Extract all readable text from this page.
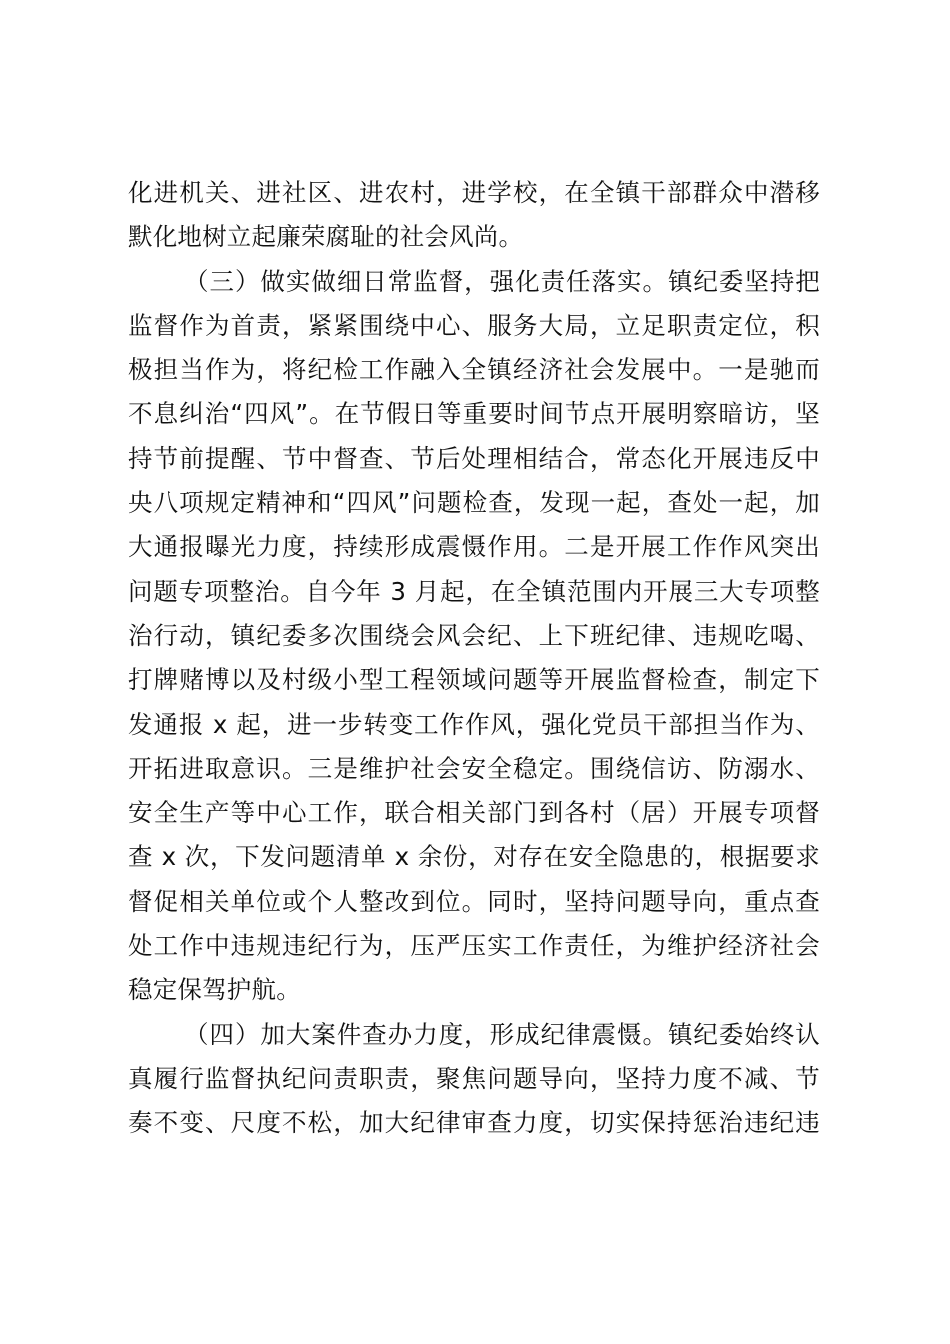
化进机关、进社区、进农村，进学校，在全镇干部群众中潜移
默化地树立起廉荣腐耻的社会风尚。
（三）做实做细日常监督，强化责任落实。镇纪委坚持把
监督作为首责，紧紧围绕中心、服务大局，立足职责定位，积
极担当作为，将纪检工作融入全镇经济社会发展中。一是驰而
不息纠治“四风”。在节假日等重要时间节点开展明察暗访，坚
持节前提醒、节中督查、节后处理相结合，常态化开展违反中
央八项规定精神和“四风”问题检查，发现一起，查处一起，加
大通报曝光力度，持续形成震慑作用。二是开展工作作风突出
问题专项整治。自今年 3 月起，在全镇范围内开展三大专项整
治行动，镇纪委多次围绕会风会纪、上下班纪律、违规吃喝、
打牌赌博以及村级小型工程领域问题等开展监督检查，制定下
发通报 x 起，进一步转变工作作风，强化党员干部担当作为、
开拓进取意识。三是维护社会安全稳定。围绕信访、防溺水、
安全生产等中心工作，联合相关部门到各村（居）开展专项督
查 x 次，下发问题清单 x 余份，对存在安全隐患的，根据要求
督促相关单位或个人整改到位。同时，坚持问题导向，重点查
处工作中违规违纪行为，压严压实工作责任，为维护经济社会
稳定保驾护航。
（四）加大案件查办力度，形成纪律震慑。镇纪委始终认
真履行监督执纪问责职责，聚焦问题导向，坚持力度不减、节
奏不变、尺度不松，加大纪律审查力度，切实保持惩治违纪违
